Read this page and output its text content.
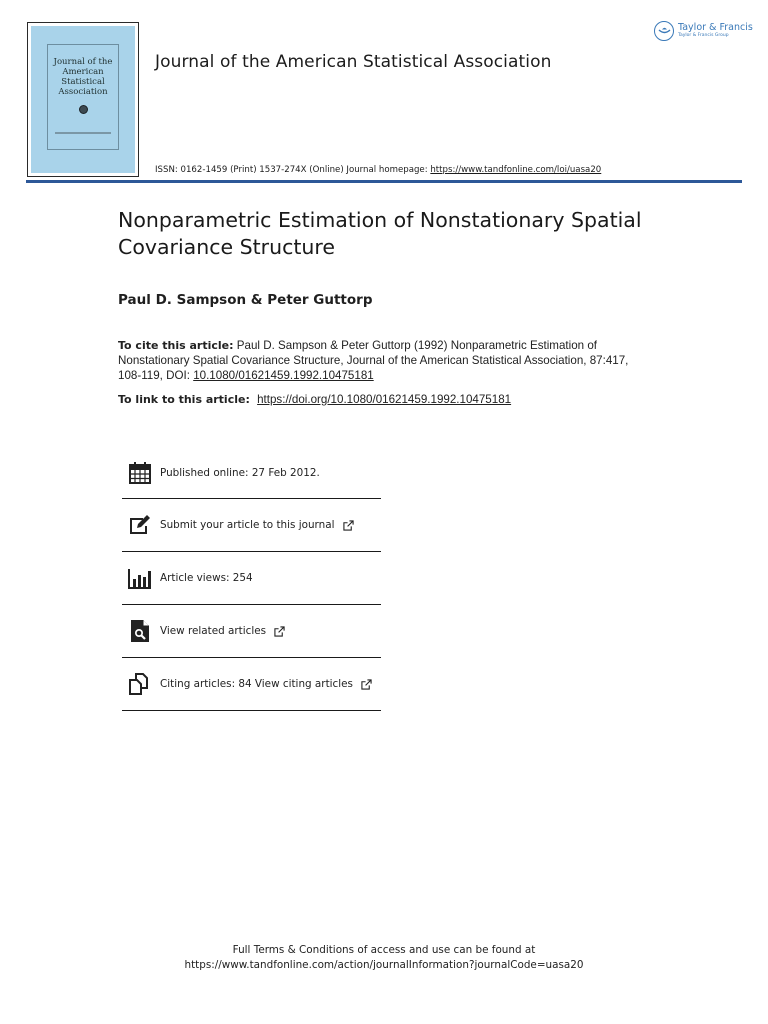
Journal of the
American
Statistical
Association
Journal of the American Statistical Association
ISSN: 0162-1459 (Print) 1537-274X (Online) Journal homepage: https://www.tandfonline.com/loi/uasa20
Taylor & Francis
Taylor & Francis Group
Nonparametric Estimation of Nonstationary Spatial Covariance Structure
Paul D. Sampson & Peter Guttorp
To cite this article: Paul D. Sampson & Peter Guttorp (1992) Nonparametric Estimation of Nonstationary Spatial Covariance Structure, Journal of the American Statistical Association, 87:417, 108-119, DOI: 10.1080/01621459.1992.10475181
To link to this article: https://doi.org/10.1080/01621459.1992.10475181
Published online: 27 Feb 2012.
Submit your article to this journal
Article views: 254
View related articles
Citing articles: 84 View citing articles
Full Terms & Conditions of access and use can be found at
https://www.tandfonline.com/action/journalInformation?journalCode=uasa20
